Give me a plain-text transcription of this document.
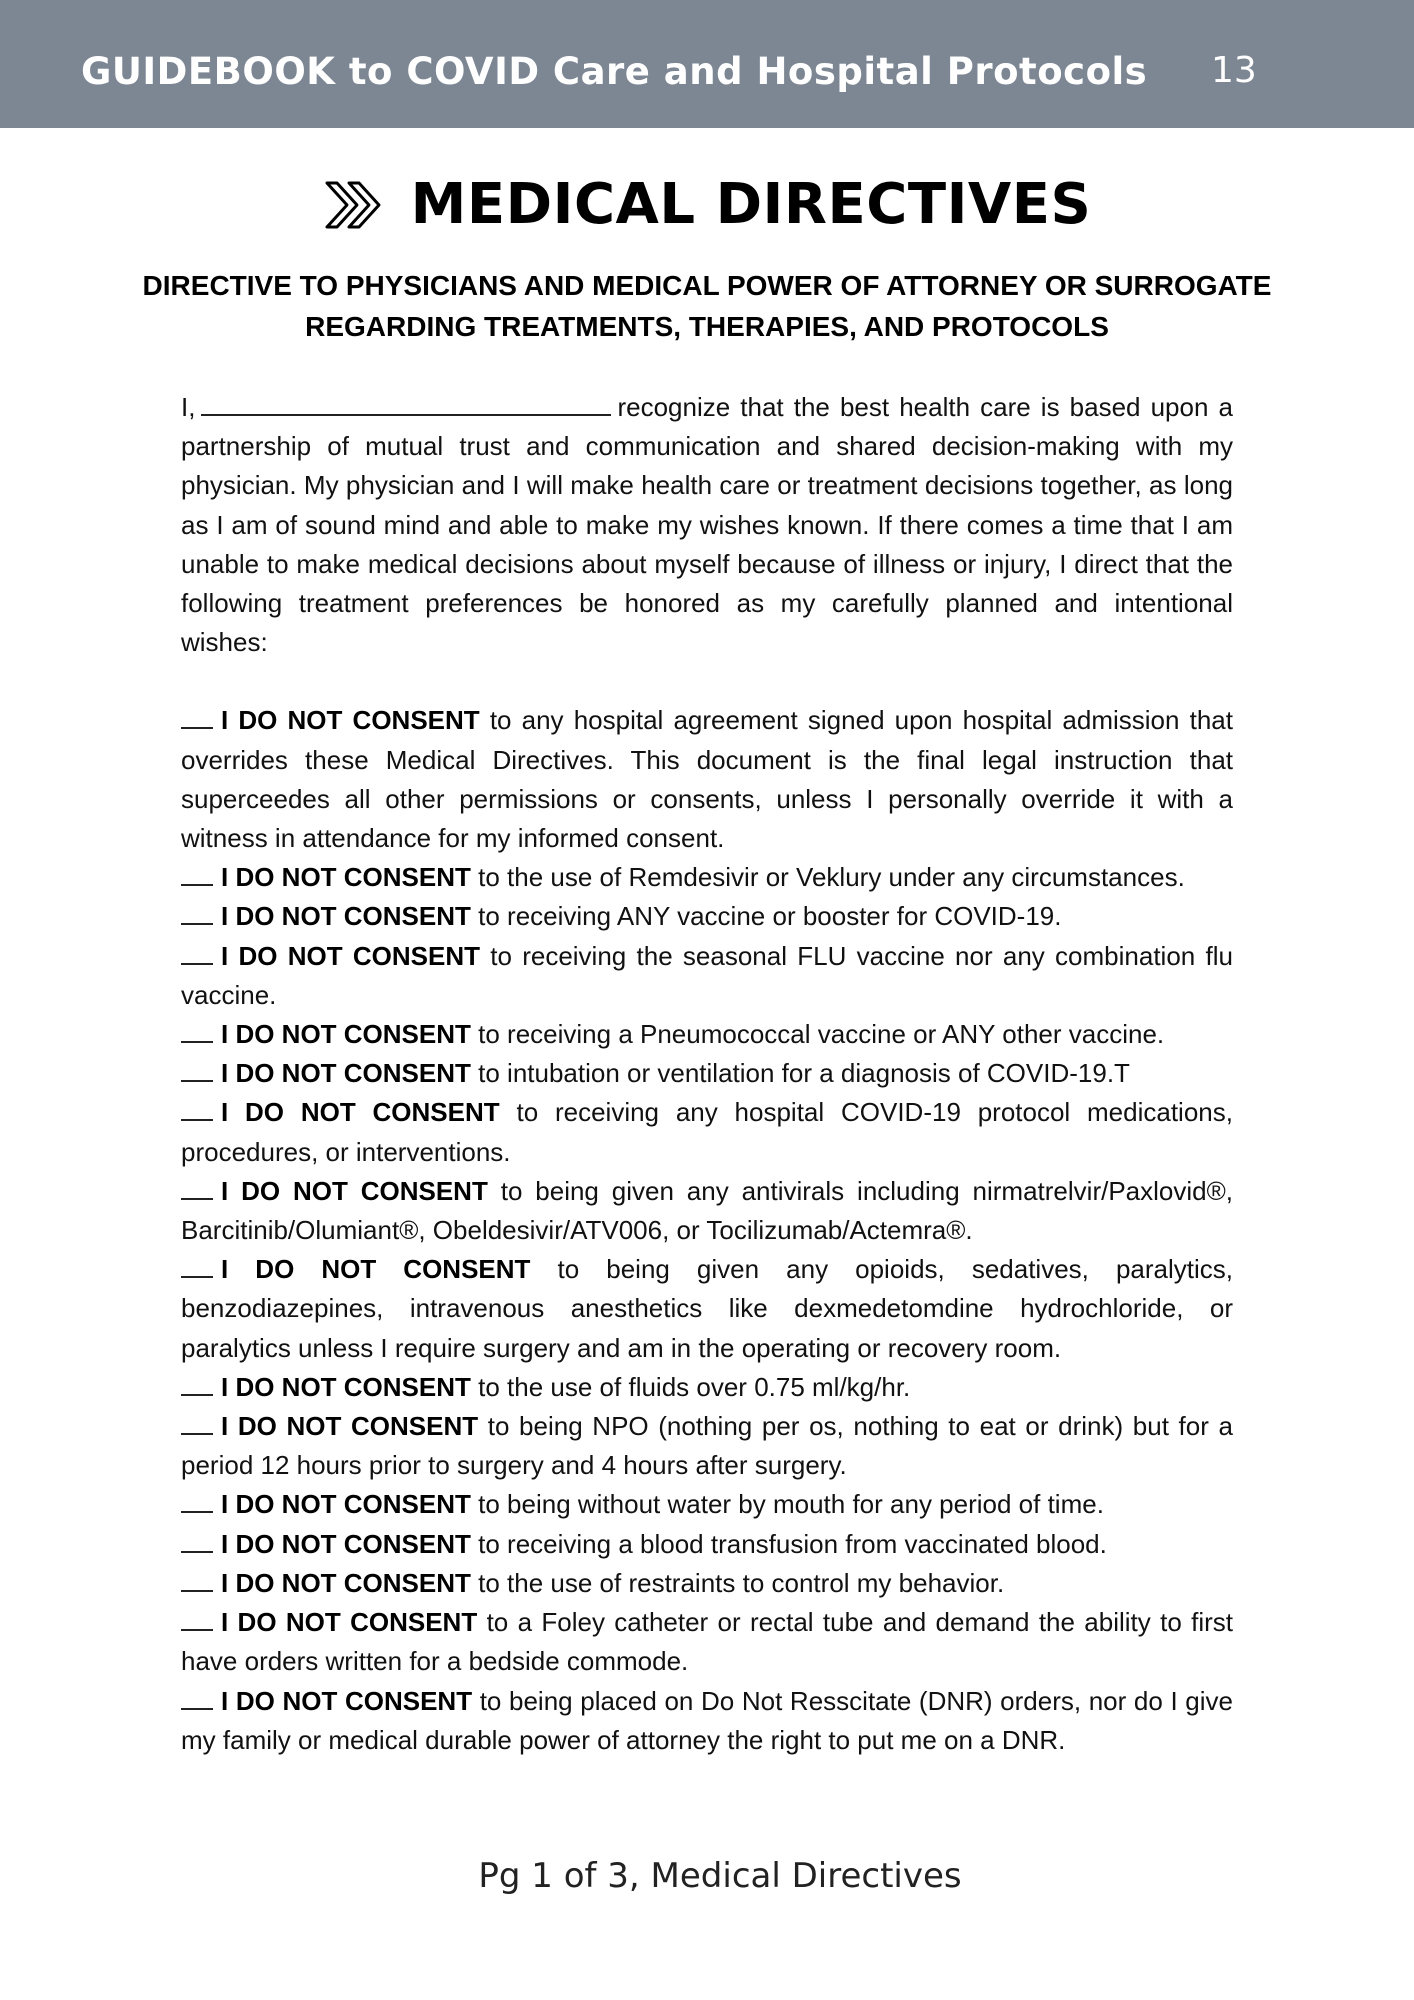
GUIDEBOOK to COVID Care and Hospital Protocols 13
MEDICAL DIRECTIVES
DIRECTIVE TO PHYSICIANS AND MEDICAL POWER OF ATTORNEY OR SURROGATE REGARDING TREATMENTS, THERAPIES, AND PROTOCOLS

I,	recognize that the best health care is based upon a partnership of mutual trust and communication and shared decision-making with my physician. My physician and I will make health care or treatment decisions together, as long as I am of sound mind and able to make my wishes known. If there comes a time that I am unable to make medical decisions about myself because of illness or injury, I direct that the following treatment preferences be honored as my carefully planned and intentional wishes:

I DO NOT CONSENT to any hospital agreement signed upon hospital admission that overrides these Medical Directives. This document is the final legal instruction that superceedes all other permissions or consents, unless I personally override it with a witness in attendance for my informed consent.

I DO NOT CONSENT to the use of Remdesivir or Veklury under any circumstances.

I DO NOT CONSENT to receiving ANY vaccine or booster for COVID-19.

I DO NOT CONSENT to receiving the seasonal FLU vaccine nor any combination flu vaccine.

I DO NOT CONSENT to receiving a Pneumococcal vaccine or ANY other vaccine.

I DO NOT CONSENT to intubation or ventilation for a diagnosis of COVID-19.T

I DO NOT CONSENT to receiving any hospital COVID-19 protocol medications, procedures, or interventions.

I DO NOT CONSENT to being given any antivirals including nirmatrelvir/Paxlovid®, Barcitinib/Olumiant®, Obeldesivir/ATV006, or Tocilizumab/Actemra®.

I DO NOT CONSENT to being given any opioids, sedatives, paralytics, benzodiazepines, intravenous anesthetics like dexmedetomdine hydrochloride, or paralytics unless I require surgery and am in the operating or recovery room.

I DO NOT CONSENT to the use of fluids over 0.75 ml/kg/hr.

I DO NOT CONSENT to being NPO (nothing per os, nothing to eat or drink) but for a period 12 hours prior to surgery and 4 hours after surgery.

I DO NOT CONSENT to being without water by mouth for any period of time.

I DO NOT CONSENT to receiving a blood transfusion from vaccinated blood.

I DO NOT CONSENT to the use of restraints to control my behavior.

I DO NOT CONSENT to a Foley catheter or rectal tube and demand the ability to first have orders written for a bedside commode.

I DO NOT CONSENT to being placed on Do Not Resscitate (DNR) orders, nor do I give my family or medical durable power of attorney the right to put me on a DNR.

Pg 1 of 3, Medical Directives
